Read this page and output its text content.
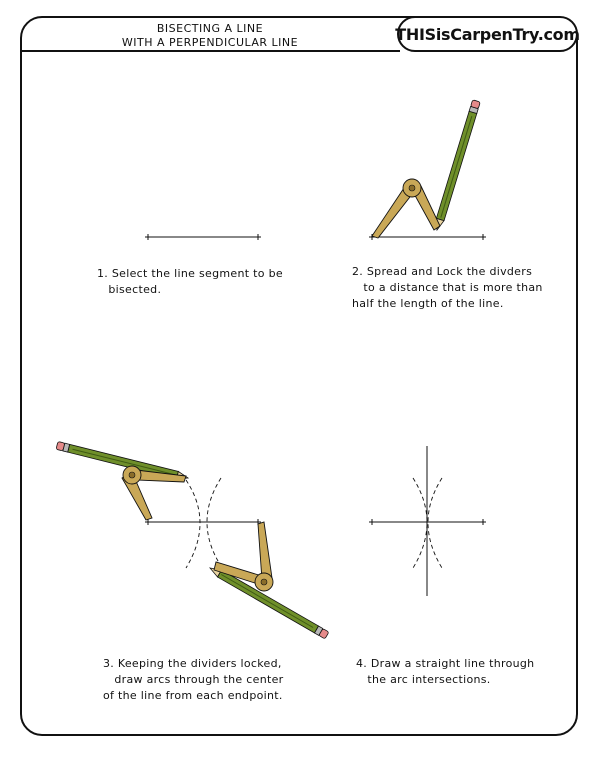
BISECTING A LINE
WITH A PERPENDICULAR LINE	THISisCarpenTry.com
1. Select the line segment to be
bisected.
2. Spread and Lock the divders
to a distance that is more than
half the length of the line.
3. Keeping the dividers locked,
draw arcs through the center
of the line from each endpoint.
4. Draw a straight line through
the arc intersections.
